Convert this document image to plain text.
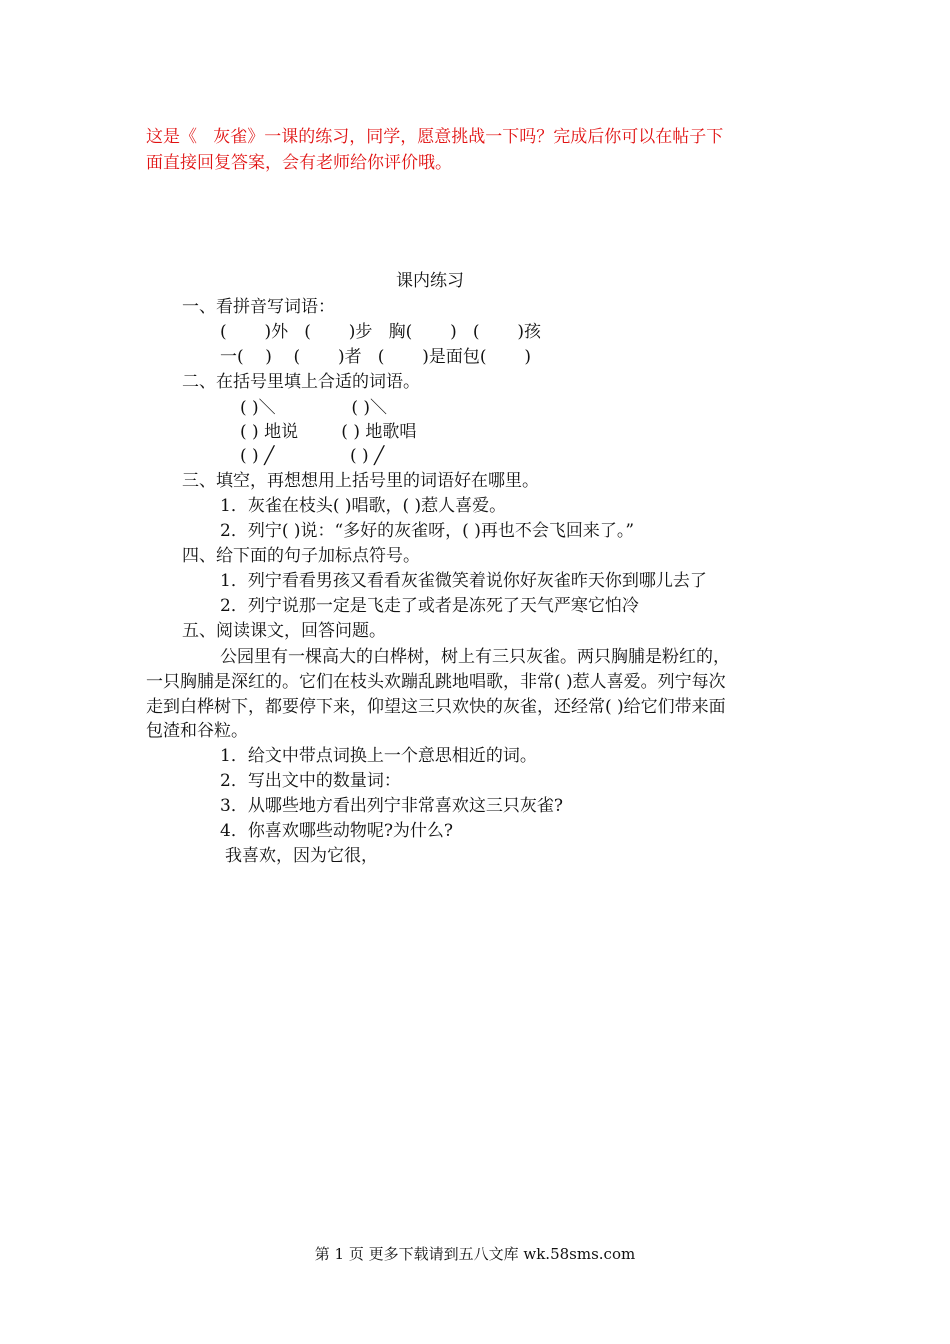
这是《   灰雀》一课的练习，同学，愿意挑战一下吗？完成后你可以在帖子下
面直接回复答案，会有老师给你评价哦。
课内练习
一、看拼音写词语：
(       )外   (       )步   胸(       )   (       )孩
一(    )    (       )者   (       )是面包(       )
二、在括号里填上合适的词语。
( )＼              ( )＼
( ) 地说        ( ) 地歌唱
( ) ╱              ( ) ╱
三、填空，再想想用上括号里的词语好在哪里。
1．灰雀在枝头( )唱歌，( )惹人喜爱。
2．列宁( )说：“多好的灰雀呀，( )再也不会飞回来了。”
四、给下面的句子加标点符号。
1．列宁看看男孩又看看灰雀微笑着说你好灰雀昨天你到哪儿去了
2．列宁说那一定是飞走了或者是冻死了天气严寒它怕冷
五、阅读课文，回答问题。
公园里有一棵高大的白桦树，树上有三只灰雀。两只胸脯是粉红的，
一只胸脯是深红的。它们在枝头欢蹦乱跳地唱歌，非常( )惹人喜爱。列宁每次
走到白桦树下，都要停下来，仰望这三只欢快的灰雀，还经常( )给它们带来面
包渣和谷粒。
1．给文中带点词换上一个意思相近的词。
2．写出文中的数量词：
3．从哪些地方看出列宁非常喜欢这三只灰雀?
4．你喜欢哪些动物呢?为什么?
我喜欢，因为它很，
第 1 页 更多下载请到五八文库 wk.58sms.com
